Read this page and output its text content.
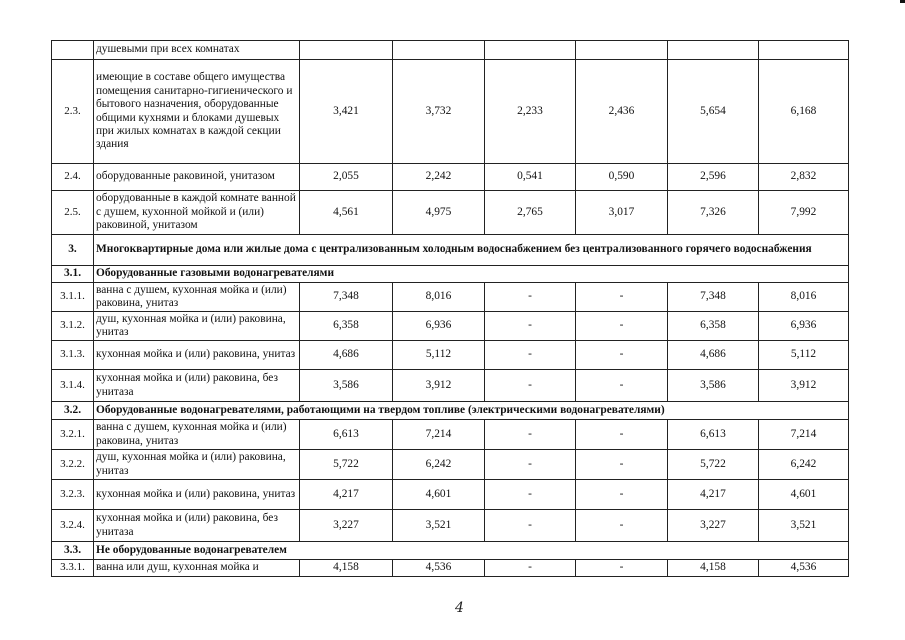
	душевыми при всех комнатах						
2.3.	имеющие в составе общего имущества помещения санитарно-гигиенического и бытового назначения, оборудованные общими кухнями и блоками душевых при жилых комнатах в каждой секции здания	3,421	3,732	2,233	2,436	5,654	6,168
2.4.	оборудованные раковиной, унитазом	2,055	2,242	0,541	0,590	2,596	2,832
2.5.	оборудованные в каждой комнате ванной с душем, кухонной мойкой и (или) раковиной, унитазом	4,561	4,975	2,765	3,017	7,326	7,992
3.	Многоквартирные дома или жилые дома с централизованным холодным водоснабжением без централизованного горячего водоснабжения						
3.1.	Оборудованные газовыми водонагревателями						
3.1.1.	ванна с душем, кухонная мойка и (или) раковина, унитаз	7,348	8,016	-	-	7,348	8,016
3.1.2.	душ, кухонная мойка и (или) раковина, унитаз	6,358	6,936	-	-	6,358	6,936
3.1.3.	кухонная мойка и (или) раковина, унитаз	4,686	5,112	-	-	4,686	5,112
3.1.4.	кухонная мойка и (или) раковина, без унитаза	3,586	3,912	-	-	3,586	3,912
3.2.	Оборудованные водонагревателями, работающими на твердом топливе (электрическими водонагревателями)						
3.2.1.	ванна с душем, кухонная мойка и (или) раковина, унитаз	6,613	7,214	-	-	6,613	7,214
3.2.2.	душ, кухонная мойка и (или) раковина, унитаз	5,722	6,242	-	-	5,722	6,242
3.2.3.	кухонная мойка и (или) раковина, унитаз	4,217	4,601	-	-	4,217	4,601
3.2.4.	кухонная мойка и (или) раковина, без унитаза	3,227	3,521	-	-	3,227	3,521
3.3.	Не оборудованные водонагревателем						
3.3.1.	ванна или душ, кухонная мойка и	4,158	4,536	-	-	4,158	4,536
4
